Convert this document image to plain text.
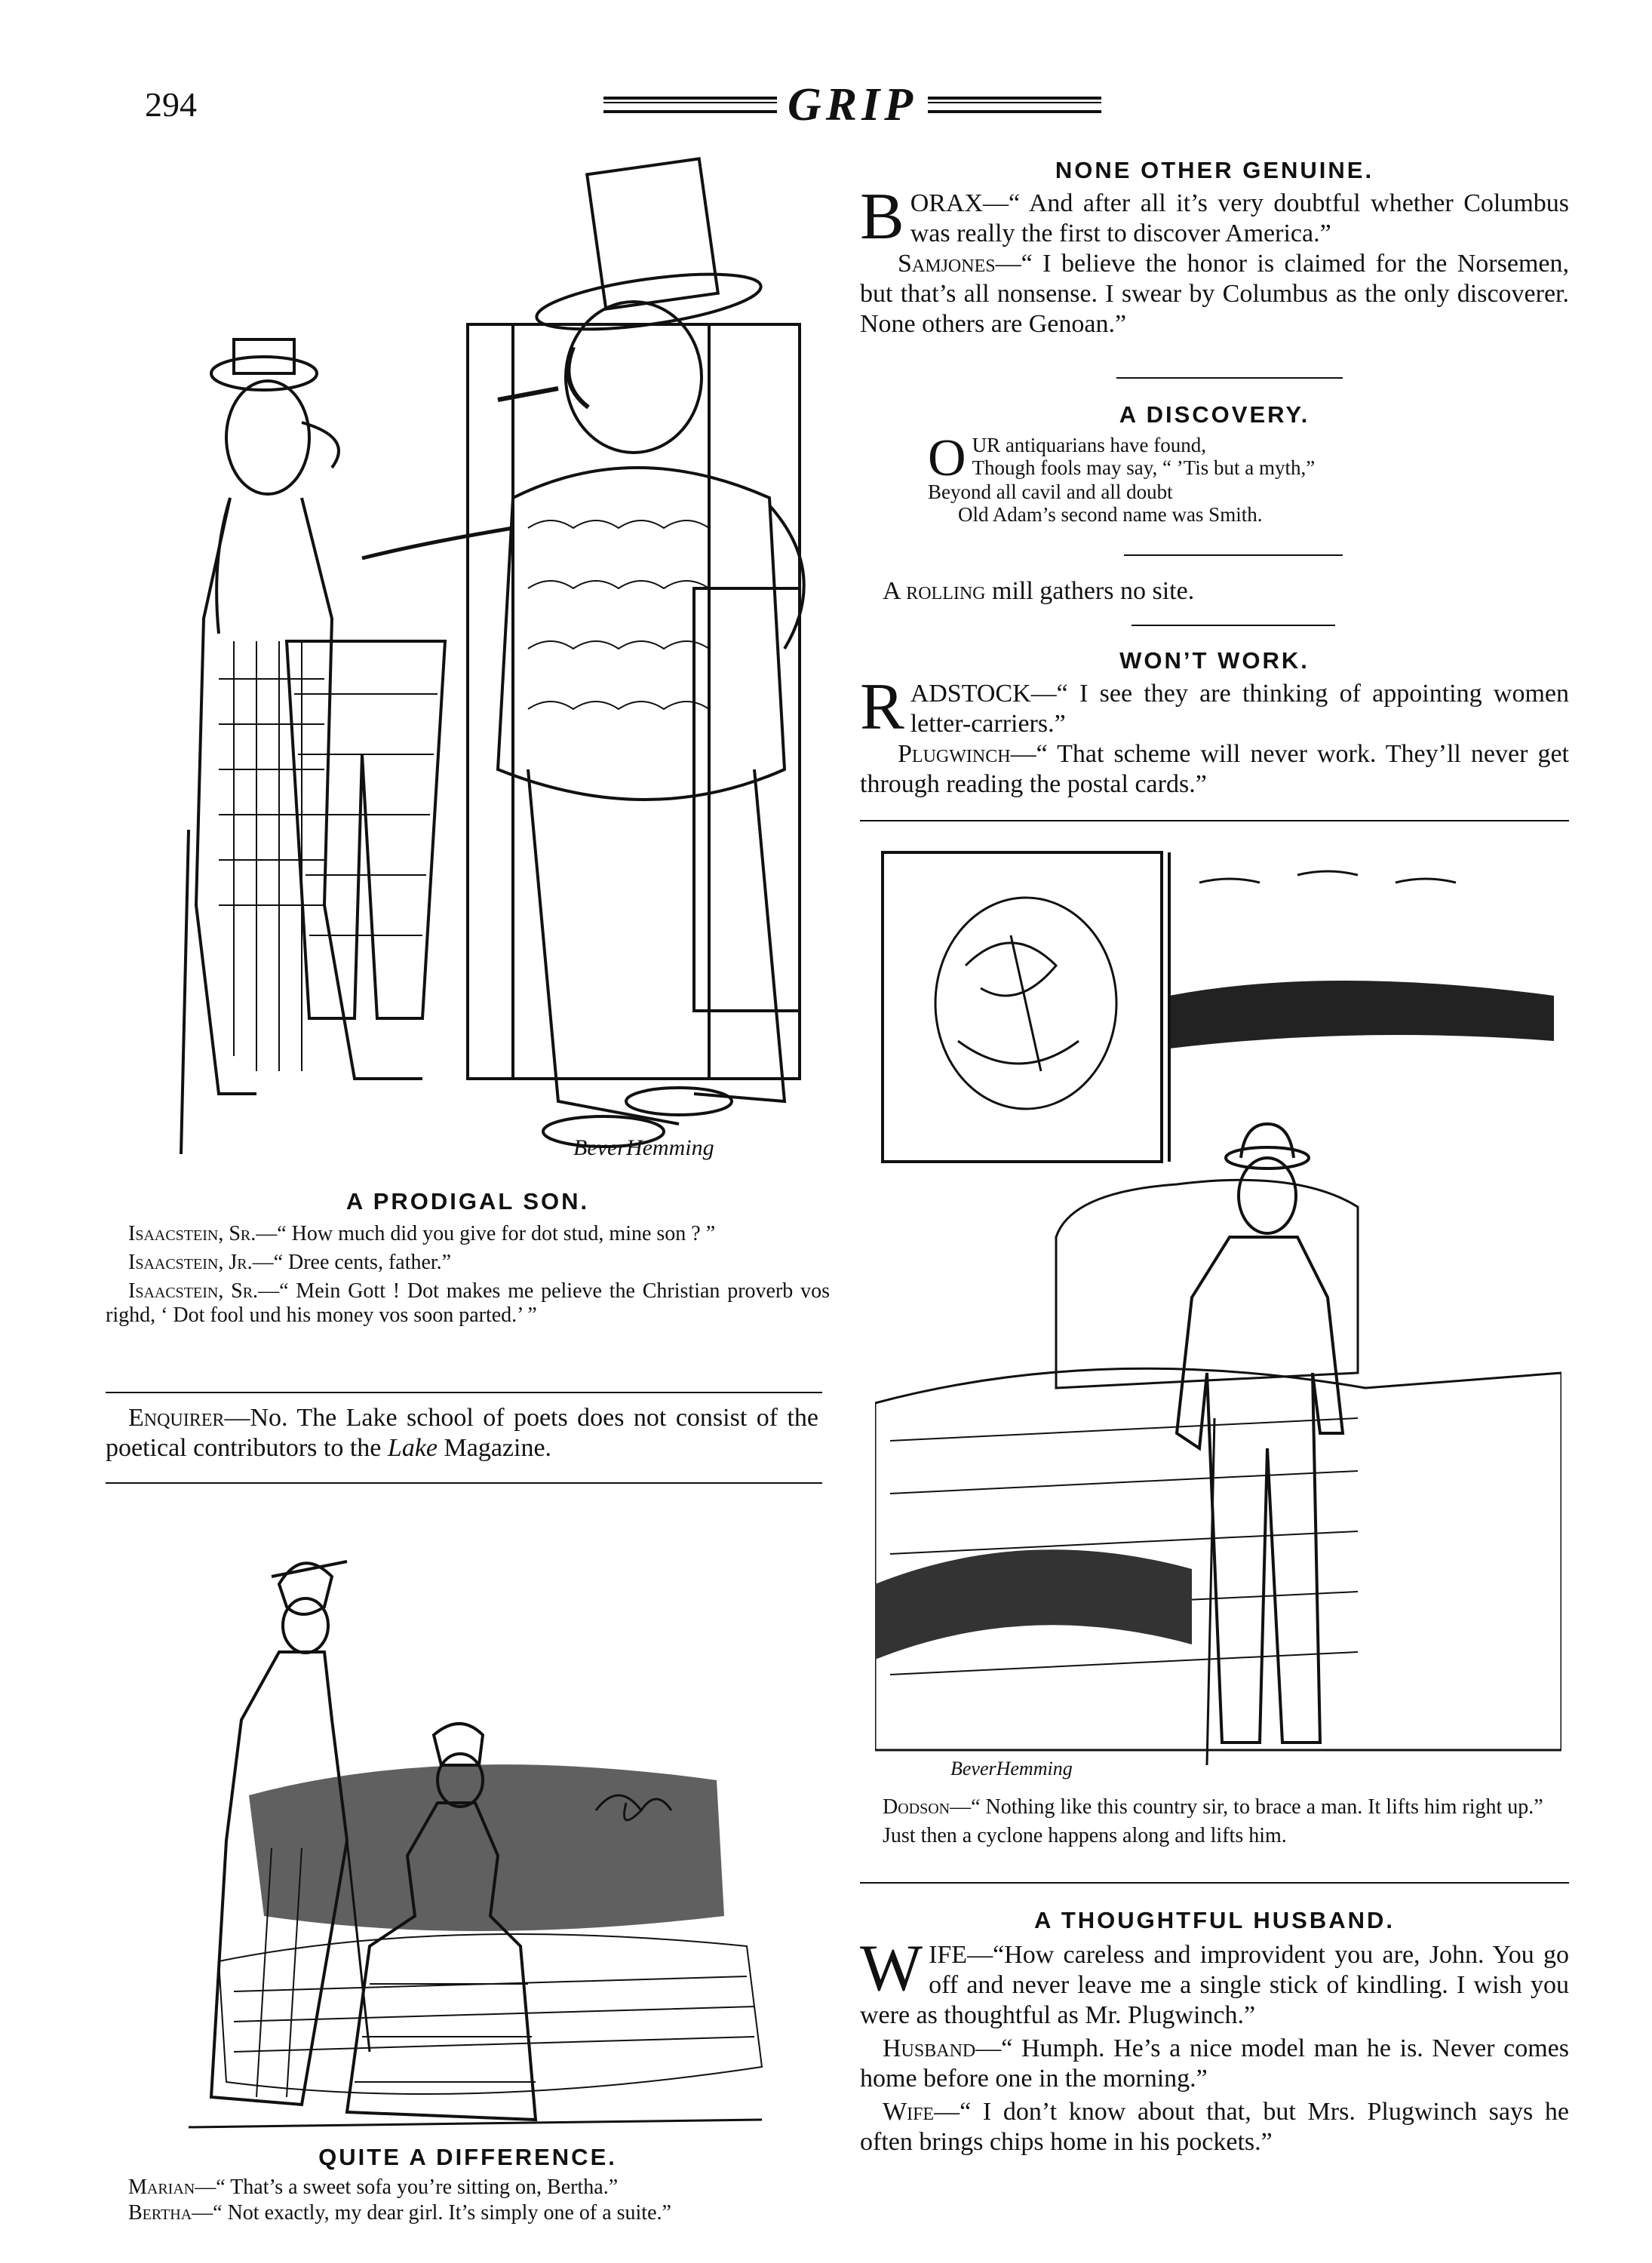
294	GRIP
BeverHemming
A PRODIGAL SON.

Isaacstein, Sr.—“ How much did you give for dot stud, mine son ? ”

Isaacstein, Jr.—“ Dree cents, father.”

Isaacstein, Sr.—“ Mein Gott ! Dot makes me pelieve the Christian proverb vos righd, ‘ Dot fool und his money vos soon parted.’ ”

Enquirer—No. The Lake school of poets does not consist of the poetical contributors to the Lake Magazine.

QUITE A DIFFERENCE.

Marian—“ That’s a sweet sofa you’re sitting on, Bertha.”

Bertha—“ Not exactly, my dear girl. It’s simply one of a suite.”

NONE OTHER GENUINE.

BORAX—“ And after all it’s very doubtful whether Columbus was really the first to discover America.”

Samjones—“ I believe the honor is claimed for the Norsemen, but that’s all nonsense. I swear by Columbus as the only discoverer. None others are Genoan.”

A DISCOVERY.
O UR antiquarians have found,
Though fools may say, “ ’Tis but a myth,”
Beyond all cavil and all doubt
Old Adam’s second name was Smith.

A rolling mill gathers no site.

WON’T WORK.

RADSTOCK—“ I see they are thinking of appointing women letter-carriers.”

Plugwinch—“ That scheme will never work. They’ll never get through reading the postal cards.”

BeverHemming

Dodson—“ Nothing like this country sir, to brace a man. It lifts him right up.”

Just then a cyclone happens along and lifts him.

A THOUGHTFUL HUSBAND.

WIFE—“How careless and improvident you are, John. You go off and never leave me a single stick of kindling. I wish you were as thoughtful as Mr. Plugwinch.”

Husband—“ Humph. He’s a nice model man he is. Never comes home before one in the morning.”

Wife—“ I don’t know about that, but Mrs. Plugwinch says he often brings chips home in his pockets.”
